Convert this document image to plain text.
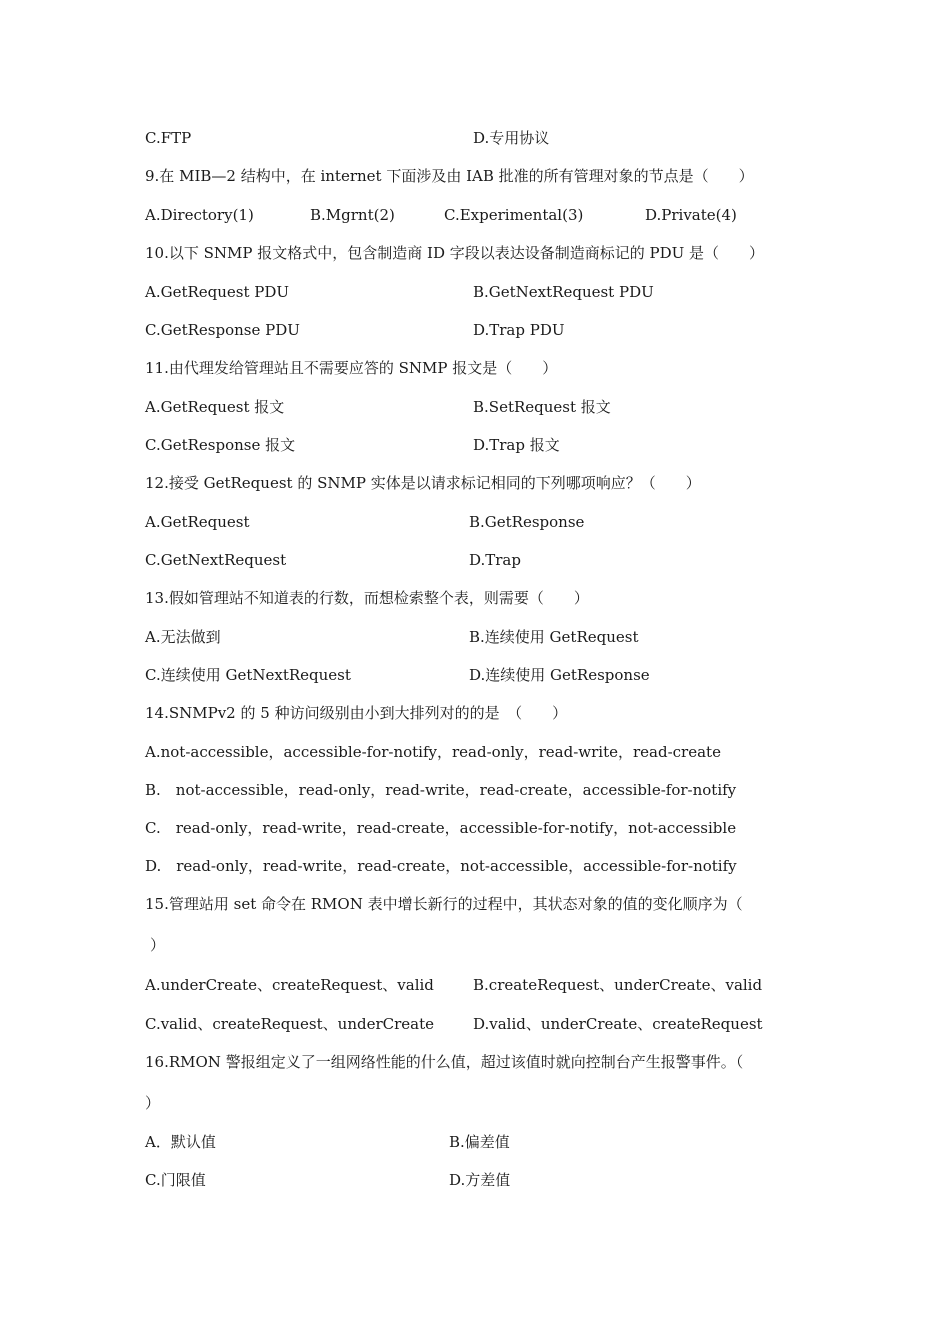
C.FTP	D.专用协议
9.在 MIB—2 结构中，在 internet 下面涉及由 IAB 批准的所有管理对象的节点是（　　）
A.Directory(1)	B.Mgrnt(2)	C.Experimental(3)	D.Private(4)
10.以下 SNMP 报文格式中，包含制造商 ID 字段以表达设备制造商标记的 PDU 是（　　）
A.GetRequest PDU	B.GetNextRequest PDU
C.GetResponse PDU	D.Trap PDU
11.由代理发给管理站且不需要应答的 SNMP 报文是（　　）
A.GetRequest 报文	B.SetRequest 报文
C.GetResponse 报文	D.Trap 报文
12.接受 GetRequest 的 SNMP 实体是以请求标记相同的下列哪项响应？（　　）
A.GetRequest	B.GetResponse
C.GetNextRequest	D.Trap
13.假如管理站不知道表的行数，而想检索整个表，则需要（　　）
A.无法做到	B.连续使用 GetRequest
C.连续使用 GetNextRequest	D.连续使用 GetResponse
14.SNMPv2 的 5 种访问级别由小到大排列对的的是　（　　）
A.not-accessible，accessible-for-notify，read-only，read-write，read-create
B.　not-accessible，read-only，read-write，read-create，accessible-for-notify
C.　read-only，read-write，read-create，accessible-for-notify，not-accessible
D.　read-only，read-write，read-create，not-accessible，accessible-for-notify
15.管理站用 set 命令在 RMON 表中增长新行的过程中，其状态对象的值的变化顺序为（
）
A.underCreate、createRequest、valid	B.createRequest、underCreate、valid
C.valid、createRequest、underCreate	D.valid、underCreate、createRequest
16.RMON 警报组定义了一组网络性能的什么值，超过该值时就向控制台产生报警事件。（
）
A．默认值	B.偏差值
C.门限值	D.方差值
